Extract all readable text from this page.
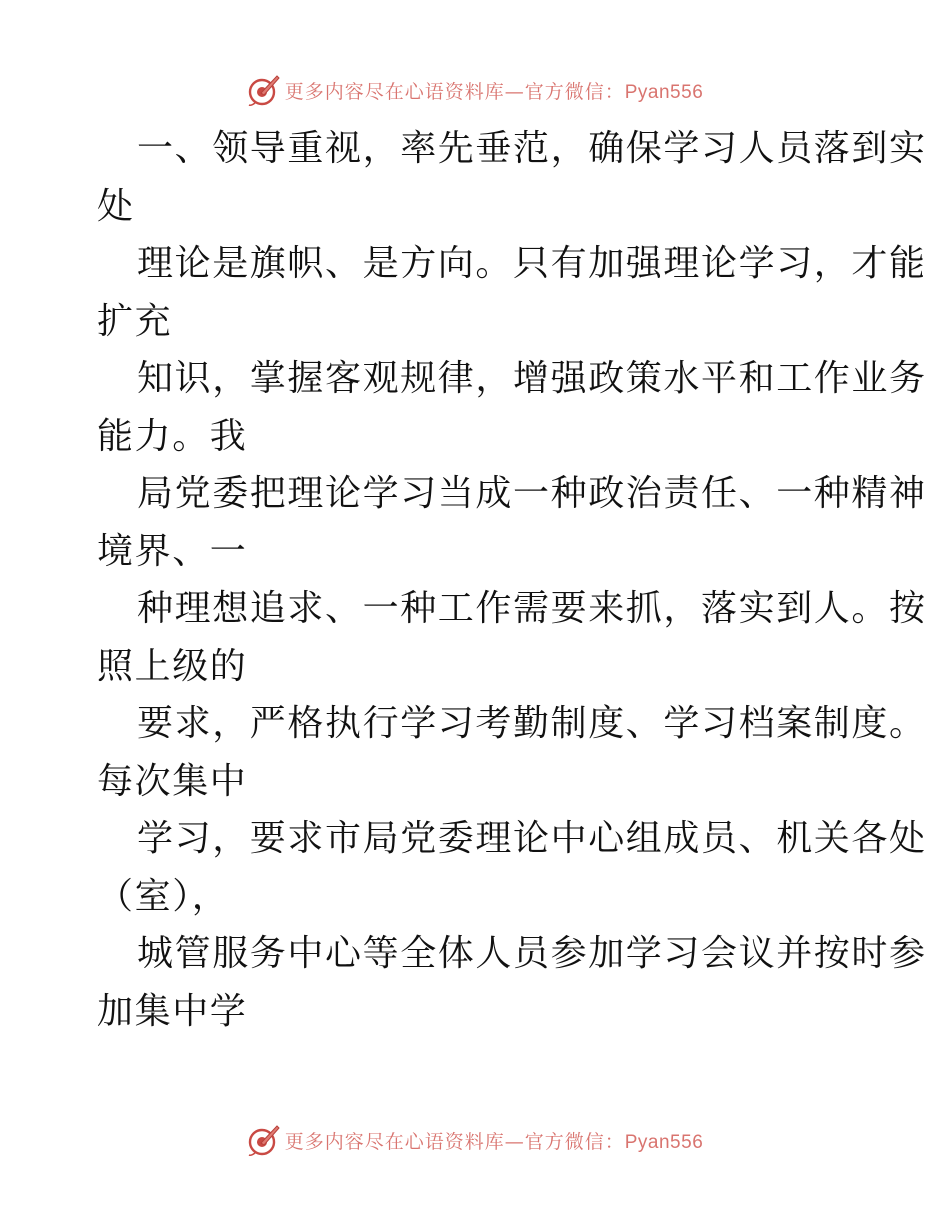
更多内容尽在心语资料库—官方微信：Pyan556
一、领导重视，率先垂范，确保学习人员落到实
处
理论是旗帜、是方向。只有加强理论学习，才能
扩充
知识，掌握客观规律，增强政策水平和工作业务
能力。我
局党委把理论学习当成一种政治责任、一种精神
境界、一
种理想追求、一种工作需要来抓，落实到人。按
照上级的
要求，严格执行学习考勤制度、学习档案制度。
每次集中
学习，要求市局党委理论中心组成员、机关各处
（室），
城管服务中心等全体人员参加学习会议并按时参
加集中学
更多内容尽在心语资料库—官方微信：Pyan556
